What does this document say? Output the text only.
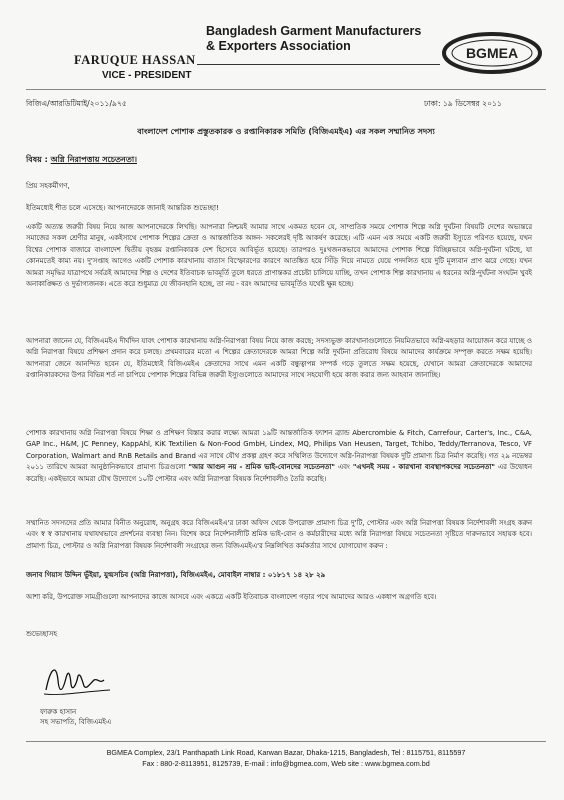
FARUQUE HASSAN
VICE - PRESIDENT
Bangladesh Garment Manufacturers
& Exporters Association	BGMEA
বিজিএ/আরডিটিমাই/২০১১/৯৭৫	ঢাকা: ১৯ ডিসেম্বর ২০১১
বাংলাদেশ পোশাক প্রস্তুতকারক ও রপ্তানিকারক সমিতি (বিজিএমইএ) এর সকল সম্মানিত সদস্য
বিষয় : অগ্নি নিরাপত্তায় সচেতনতা।
প্রিয় সহকর্মীগণ,
ইতিমধ্যেই শীত চলে এসেছে। আপনাদেরকে জানাই আন্তরিক শুভেচ্ছা!
একটি অত্যন্ত জরুরী বিষয় নিয়ে আজ আপনাদেরকে লিখছি। আপনারা নিশ্চয়ই আমার সাথে একমত হবেন যে, সাম্প্রতিক সময়ে পোশাক শিল্পে অগ্নি দুর্ঘটনা বিষয়টি দেশের অভ্যন্তরে সমাজের সকল শ্রেণীর মানুষ, একইসাথে পোশাক শিল্পের ক্রেতা ও আন্তর্জাতিক অঙ্গন- সকলেরই দৃষ্টি আকর্ষণ করেছে। এটি এমন এক সময়ে একটি জরুরী ইস্যুতে পরিণত হয়েছে, যখন বিশ্বের পোশাক বাজারে বাংলাদেশ দ্বিতীয় বৃহত্তম রপ্তানিকারক দেশ হিসেবে আবির্ভূত হয়েছে। তারপরও দুঃখজনকভাবে আমাদের পোশাক শিল্পে বিচ্ছিন্নভাবে অগ্নি-দুর্ঘটনা ঘটছে, যা কোনমতেই কাম্য নয়। দু'সপ্তাহ আগেও একটি পোশাক কারখানায় বাতাস বিস্ফোরণের কারণে আতঙ্কিত হয়ে সিঁড়ি দিয়ে নামতে যেয়ে পদদলিত হয়ে দুটি মূল্যবান প্রাণ ঝরে গেছে। যখন আমরা সমৃদ্ধির যাত্রাপথে সর্বত্রই আমাদের শিল্প ও দেশের ইতিবাচক ভাবমূর্তি তুলে ধরতে প্রাণান্তকর প্রচেষ্টা চালিয়ে যাচ্ছি, তখন পোশাক শিল্প কারখানায় এ ধরনের অগ্নি-দুর্ঘটনা সংঘটন খুবই অনাকাঙ্ক্ষিত ও দুর্ভাগ্যজনক। এতে করে শুধুমাত্র যে জীবনহানি হচ্ছে, তা নয় - বরং আমাদের ভাবমূর্তিও যথেষ্ট ক্ষুন্ন হচ্ছে।
আপনারা জানেন যে, বিজিএমইএ দীর্ঘদিন যাবৎ পোশাক কারখানায় অগ্নি-নিরাপত্তা বিষয় নিয়ে কাজ করছে; সদস্যভুক্ত কারখানাগুলোতে নিয়মিতভাবে অগ্নি-মহড়ার আয়োজন করে যাচ্ছে ও অগ্নি নিরাপত্তা বিষয়ে প্রশিক্ষণ প্রদান করে চলছে। প্রথমবারের মতো এ শিল্পের ক্রেতাদেরকে আমরা শিল্পে অগ্নি দুর্ঘটনা প্রতিরোধ বিষয়ে আমাদের কার্যক্রমে সম্পৃক্ত করতে সক্ষম হয়েছি। আপনারা জেনে আনন্দিত হবেন যে, ইতিমধ্যেই বিজিএমইএ ক্রেতাদের সাথে এমন একটি বন্ধুত্বাপন্ন সম্পর্ক গড়ে তুলতে সক্ষম হয়েছে, যেখানে আমরা ক্রেতাদেরকে আমাদের রপ্তানিকারকদের উপর বিভিন্ন শর্ত না চাপিয়ে পোশাক শিল্পের বিভিন্ন জরুরী ইস্যুগুলোতে আমাদের সাথে সহযোগী হয়ে কাজ করার জন্য আহবান জানাচ্ছি।
পোশাক কারখানায় অগ্নি নিরাপত্তা বিষয়ে শিক্ষা ও প্রশিক্ষণ বিস্তার করার লক্ষ্যে আমরা ১৯টি আন্তর্জাতিক ফ্যাশন ব্র্যান্ড Abercrombie & Fitch, Carrefour, Carter's, Inc., C&A, GAP Inc., H&M, JC Penney, KappAhl, KiK Textilien & Non-Food GmbH, Lindex, MQ, Philips Van Heusen, Target, Tchibo, Teddy/Terranova, Tesco, VF Corporation, Walmart and RnB Retails and Brand এর সাথে যৌথ প্রকল্প গ্রহণ করে সম্মিলিত উদ্যোগে অগ্নি-নিরাপত্তা বিষয়ক দুটি প্রামাণ্য চিত্র নির্মাণ করেছি। গত ২৯ নভেম্বর ২০১১ তারিখে আমরা আনুষ্ঠানিকভাবে প্রামাণ্য চিত্রগুলো "আর আগুন নয় - শ্রমিক ভাই-বোনদের সচেতনতা" এবং "এখনই সময় - কারখানা ব্যবস্থাপকদের সচেতনতা" এর উদ্বোধন করেছি। একইভাবে আমরা যৌথ উদ্যোগে ১০টি পোস্টার এবং অগ্নি নিরাপত্তা বিষয়ক নির্দেশাবলীও তৈরি করেছি।
সম্মানিত সদস্যদের প্রতি আমার বিনীত অনুরোধ, অনুগ্রহ করে বিজিএমইএ'র ঢাকা অফিস থেকে উপরোক্ত প্রামাণ্য চিত্র দু'টি, পোস্টার এবং অগ্নি নিরাপত্তা বিষয়ক নির্দেশাবলী সংগ্রহ করুন এবং স্ব স্ব কারখানায় যথাযথভাবে প্রদর্শনের ব্যবস্থা নিন। বিশেষ করে নির্দেশনালীটি শ্রমিক ভাই-বোন ও কর্মচারীদের মধ্যে অগ্নি নিরাপত্তা বিষয়ে সচেতনতা সৃষ্টিতে দারুনভাবে সহায়ক হবে। প্রামাণ্য চিত্র, পোস্টার ও অগ্নি নিরাপত্তা বিষয়ক নির্দেশাবলী সংগ্রহের জন্য বিজিএমইএ'র নিম্নলিখিত কর্মকর্তার সাথে যোগাযোগ করুন :
জনাব গিয়াস উদ্দিন ভুঁইয়া, যুগ্মসচিব (অগ্নি নিরাপত্তা), বিজিএমইএ, মোবাইল নাম্বার : ০১৮১৭ ১৪ ২৮ ২৯
আশা করি, উপরোক্ত সামগ্রীগুলো আপনাদের কাজে আসবে এবং একত্রে একটি ইতিবাচক বাংলাদেশ গড়ার পথে আমাদের আরও একধাপ অগ্রগতি হবে।
শুভেচ্ছাসহ
ফারুক হাসান
সহ সভাপতি, বিজিএমইএ
BGMEA Complex, 23/1 Panthapath Link Road, Karwan Bazar, Dhaka-1215, Bangladesh, Tel : 8115751, 8115597
Fax : 880-2-8113951, 8125739, E-mail : info@bgmea.com, Web site : www.bgmea.com.bd
